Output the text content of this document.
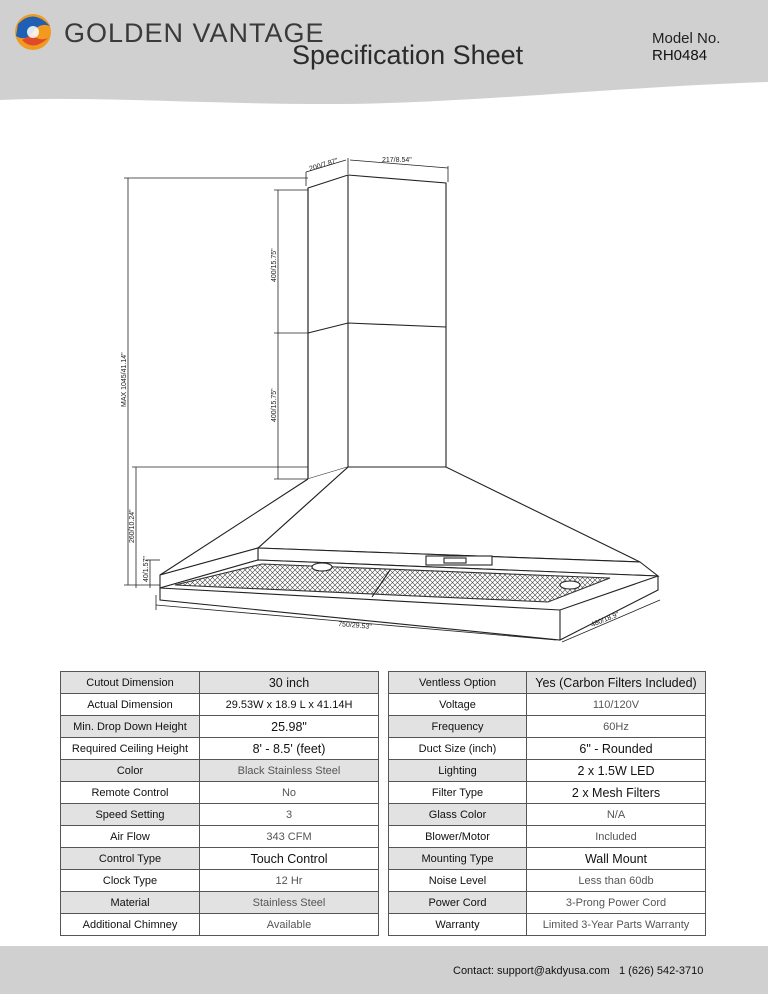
GOLDEN VANTAGE
Specification Sheet
Model No.
RH0484
200/7.87"	217/8.54"
400/15.75"
400/15.75"
MAX 1045/41.14"
260/10.24"
40/1.57"
750/29.53"	480/18.9"
Cutout Dimension	30 inch
Actual Dimension	29.53W x 18.9 L x 41.14H
Min. Drop Down Height	25.98"
Required Ceiling Height	8' - 8.5' (feet)
Color	Black Stainless Steel
Remote Control	No
Speed Setting	3
Air Flow	343 CFM
Control Type	Touch Control
Clock Type	12 Hr
Material	Stainless Steel
Additional Chimney	Available
Ventless Option	Yes (Carbon Filters Included)
Voltage	110/120V
Frequency	60Hz
Duct Size (inch)	6" - Rounded
Lighting	2 x 1.5W LED
Filter Type	2 x Mesh Filters
Glass Color	N/A
Blower/Motor	Included
Mounting Type	Wall Mount
Noise Level	Less than 60db
Power Cord	3-Prong Power Cord
Warranty	Limited 3-Year Parts Warranty
Contact: support@akdyusa.com 1 (626) 542-3710
